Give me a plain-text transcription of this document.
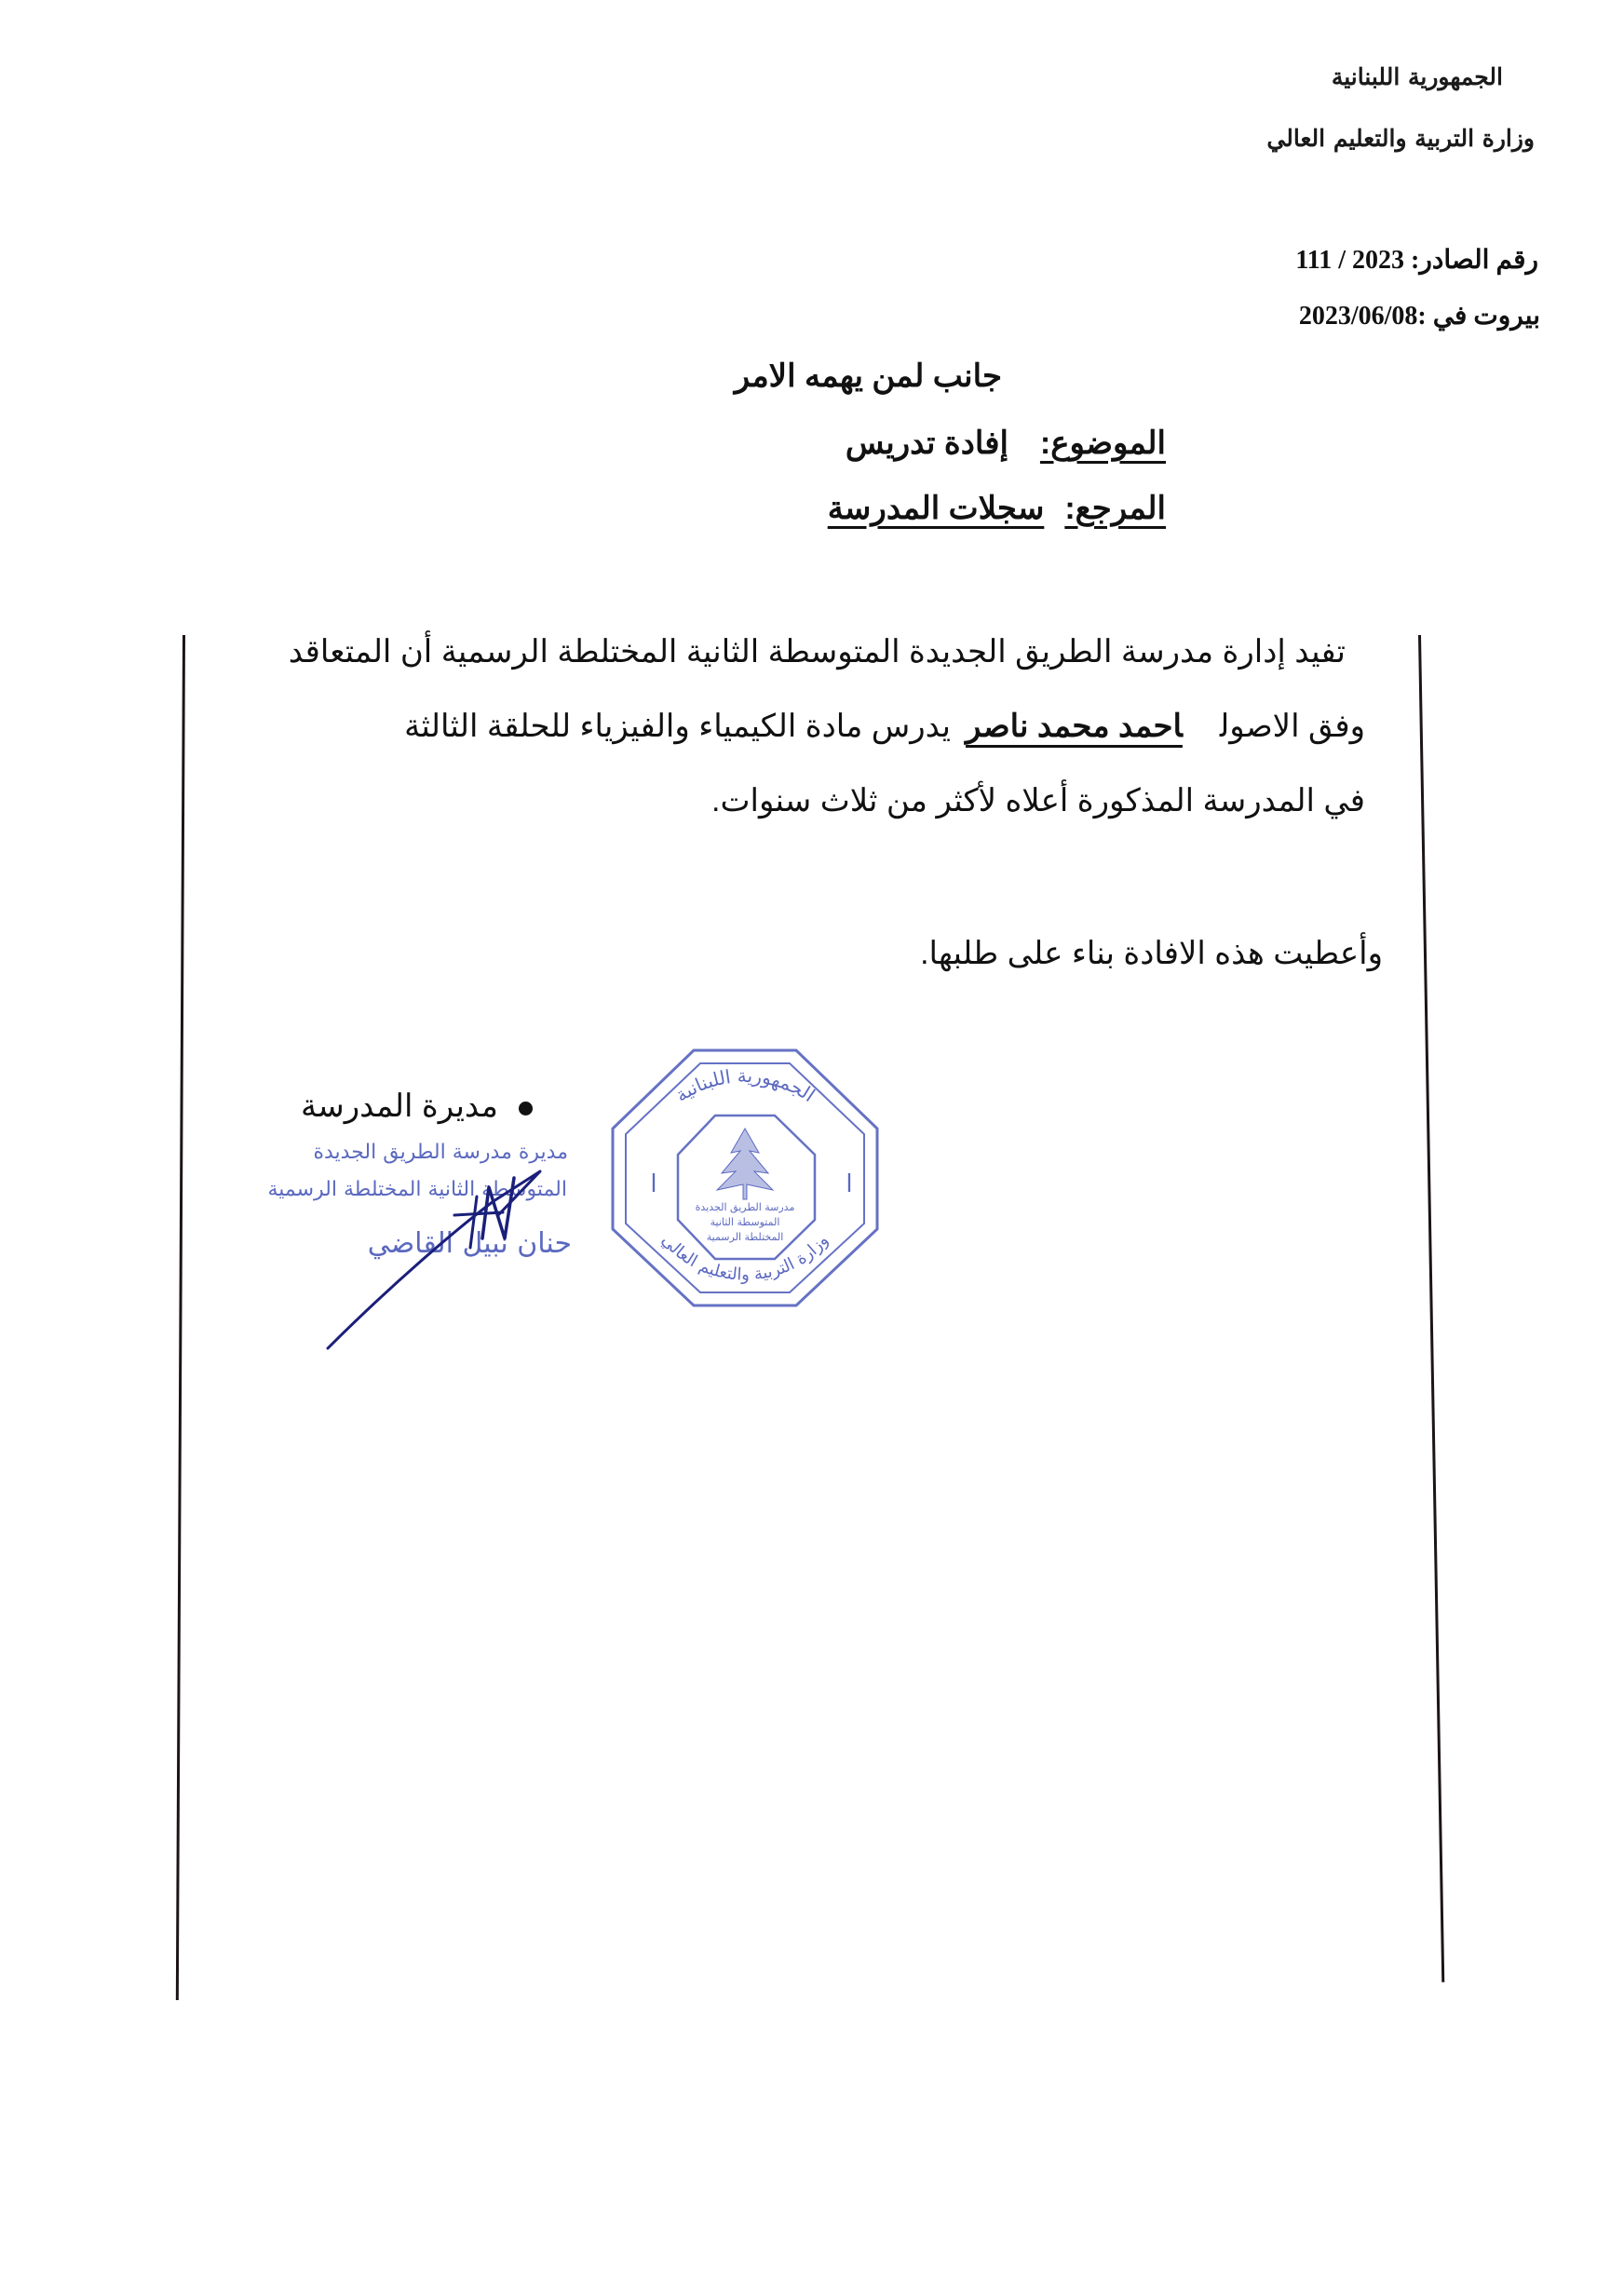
الجمهورية اللبنانية
وزارة التربية والتعليم العالي
رقم الصادر: 111 / 2023
بيروت في :2023/06/08
جانب لمن يهمه الامر
الموضوع:إفادة تدريس
المرجع:سجلات المدرسة
تفيد إدارة مدرسة الطريق الجديدة المتوسطة الثانية المختلطة الرسمية أن المتعاقد
وفق الاصولاحمد محمد ناصريدرس مادة الكيمياء والفيزياء للحلقة الثالثة
في المدرسة المذكورة أعلاه لأكثر من ثلاث سنوات.
وأعطيت هذه الافادة بناء على طلبها.
مديرة المدرسة
مديرة مدرسة الطريق الجديدة
المتوسطة الثانية المختلطة الرسمية
حنان نبيل القاضي
الجمهورية اللبنانية
وزارة التربية والتعليم العالي
ا	ا
مدرسة الطريق الجديدة
المتوسطة الثانية
المختلطة الرسمية
